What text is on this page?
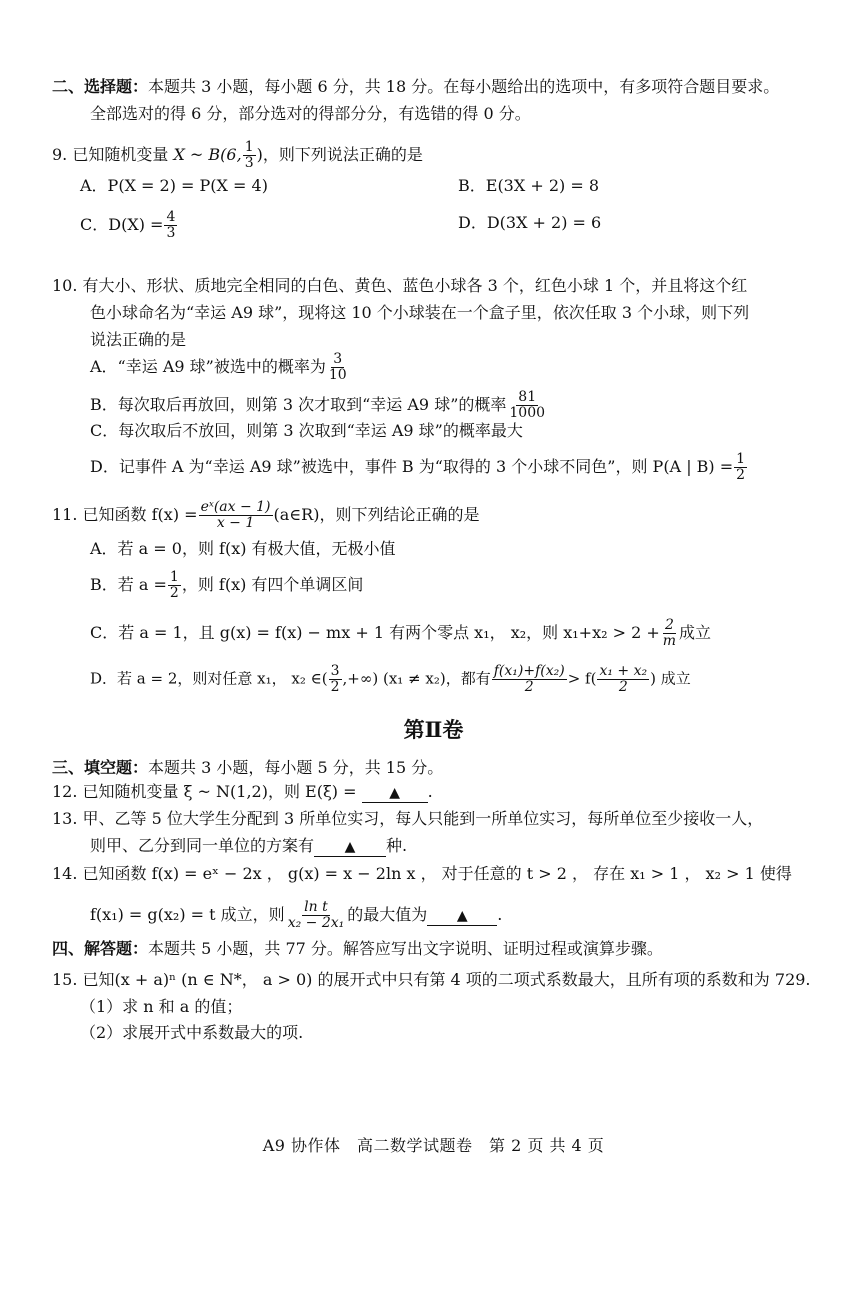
二、选择题：本题共 3 小题，每小题 6 分，共 18 分。在每小题给出的选项中，有多项符合题目要求。
全部选对的得 6 分，部分选对的得部分分，有选错的得 0 分。
9. 已知随机变量 X ~ B(6, $\frac{1}{3}$ )，则下列说法正确的是
A．P(X = 2) = P(X = 4)	B．E(3X + 2) = 8
C．$D(X) = \frac{4}{3}$	D．D(3X + 2) = 6
10. 有大小、形状、质地完全相同的白色、黄色、蓝色小球各 3 个，红色小球 1 个，并且将这个红
色小球命名为“幸运 A9 球”，现将这 10 个小球装在一个盒子里，依次任取 3 个小球，则下列
说法正确的是
A．“幸运 A9 球”被选中的概率为 $\frac{3}{10}$
B．每次取后再放回，则第 3 次才取到“幸运 A9 球”的概率 $\frac{81}{1000}$
C．每次取后不放回，则第 3 次取到“幸运 A9 球”的概率最大
D．记事件 A 为“幸运 A9 球”被选中，事件 B 为“取得的 3 个小球不同色”，则 P(A | $B) = \frac{1}{2}$
11. 已知函数 $f(x) = \frac{\text{eˣ(ax − 1)}}{x - 1}$ (a∈R)，则下列结论正确的是
A．若 a = 0，则 f(x) 有极大值，无极小值
B．若 $a = \frac{1}{2}$ ，则 f(x) 有四个单调区间
C．若 a = 1，且 g(x) = f(x) − mx + 1 有两个零点 x₁， x₂，则 $x_1+x_2 > 2 + \frac{2}{m}$ 成立
D．若 a = 2，则对任意 x₁， x₂ ∈( $\frac{3}{2}$ ,+∞) (x₁ ≠ x₂)，都有 $\frac{\text{f(x₁)+f(x₂)}}{2} > f( \frac{\text{x₁ + x₂}}{2}$ ) 成立
第Ⅱ卷
三、填空题：本题共 3 小题，每小题 5 分，共 15 分。
12. 已知随机变量 ξ ~ N(1,2)，则 E(ξ) = ▲ .
13. 甲、乙等 5 位大学生分配到 3 所单位实习，每人只能到一所单位实习，每所单位至少接收一人，
则甲、乙分到同一单位的方案有 ▲ 种.
14. 已知函数 f(x) = eˣ − 2x ， g(x) = x − 2ln x ， 对于任意的 t > 2 ， 存在 x₁ > 1 ， x₂ > 1 使得
f(x₁) = g(x₂) = t 成立，则 $\frac{\text{ln t}}{\text{x₂ − 2x₁}}$ 的最大值为 ▲ .
四、解答题：本题共 5 小题，共 77 分。解答应写出文字说明、证明过程或演算步骤。
15. 已知(x + a)ⁿ (n ∈ N*， a > 0) 的展开式中只有第 4 项的二项式系数最大，且所有项的系数和为 729.
（1）求 n 和 a 的值；
（2）求展开式中系数最大的项.
A9 协作体　高二数学试题卷　第 2 页 共 4 页
